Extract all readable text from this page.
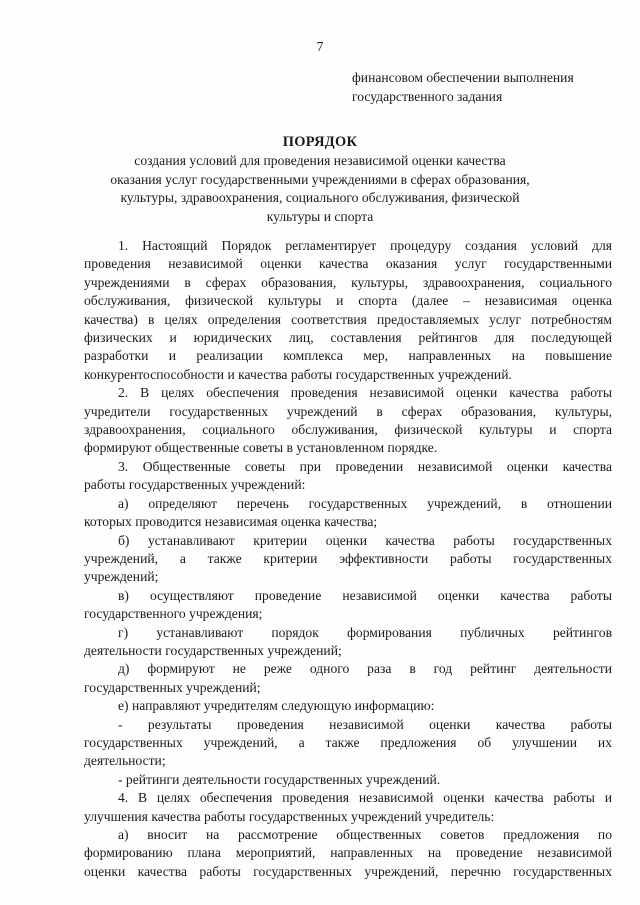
7
финансовом обеспечении выполнения
государственного задания
ПОРЯДОК
создания условий для проведения независимой оценки качества
оказания услуг государственными учреждениями в сферах образования,
культуры, здравоохранения, социального обслуживания, физической
культуры и спорта
1. Настоящий Порядок регламентирует процедуру создания условий для
проведения независимой оценки качества оказания услуг государственными
учреждениями в сферах образования, культуры, здравоохранения, социального
обслуживания, физической культуры и спорта (далее – независимая оценка
качества) в целях определения соответствия предоставляемых услуг потребностям
физических и юридических лиц, составления рейтингов для последующей
разработки и реализации комплекса мер, направленных на повышение
конкурентоспособности и качества работы государственных учреждений.
2. В целях обеспечения проведения независимой оценки качества работы
учредители государственных учреждений в сферах образования, культуры,
здравоохранения, социального обслуживания, физической культуры и спорта
формируют общественные советы в установленном порядке.
3. Общественные советы при проведении независимой оценки качества
работы государственных учреждений:
а) определяют перечень государственных учреждений, в отношении
которых проводится независимая оценка качества;
б) устанавливают критерии оценки качества работы государственных
учреждений, а также критерии эффективности работы государственных
учреждений;
в) осуществляют проведение независимой оценки качества работы
государственного учреждения;
г) устанавливают порядок формирования публичных рейтингов
деятельности государственных учреждений;
д) формируют не реже одного раза в год рейтинг деятельности
государственных учреждений;
е) направляют учредителям следующую информацию:
- результаты проведения независимой оценки качества работы
государственных учреждений, а также предложения об улучшении их
деятельности;
- рейтинги деятельности государственных учреждений.
4. В целях обеспечения проведения независимой оценки качества работы и
улучшения качества работы государственных учреждений учредитель:
а) вносит на рассмотрение общественных советов предложения по
формированию плана мероприятий, направленных на проведение независимой
оценки качества работы государственных учреждений, перечню государственных
